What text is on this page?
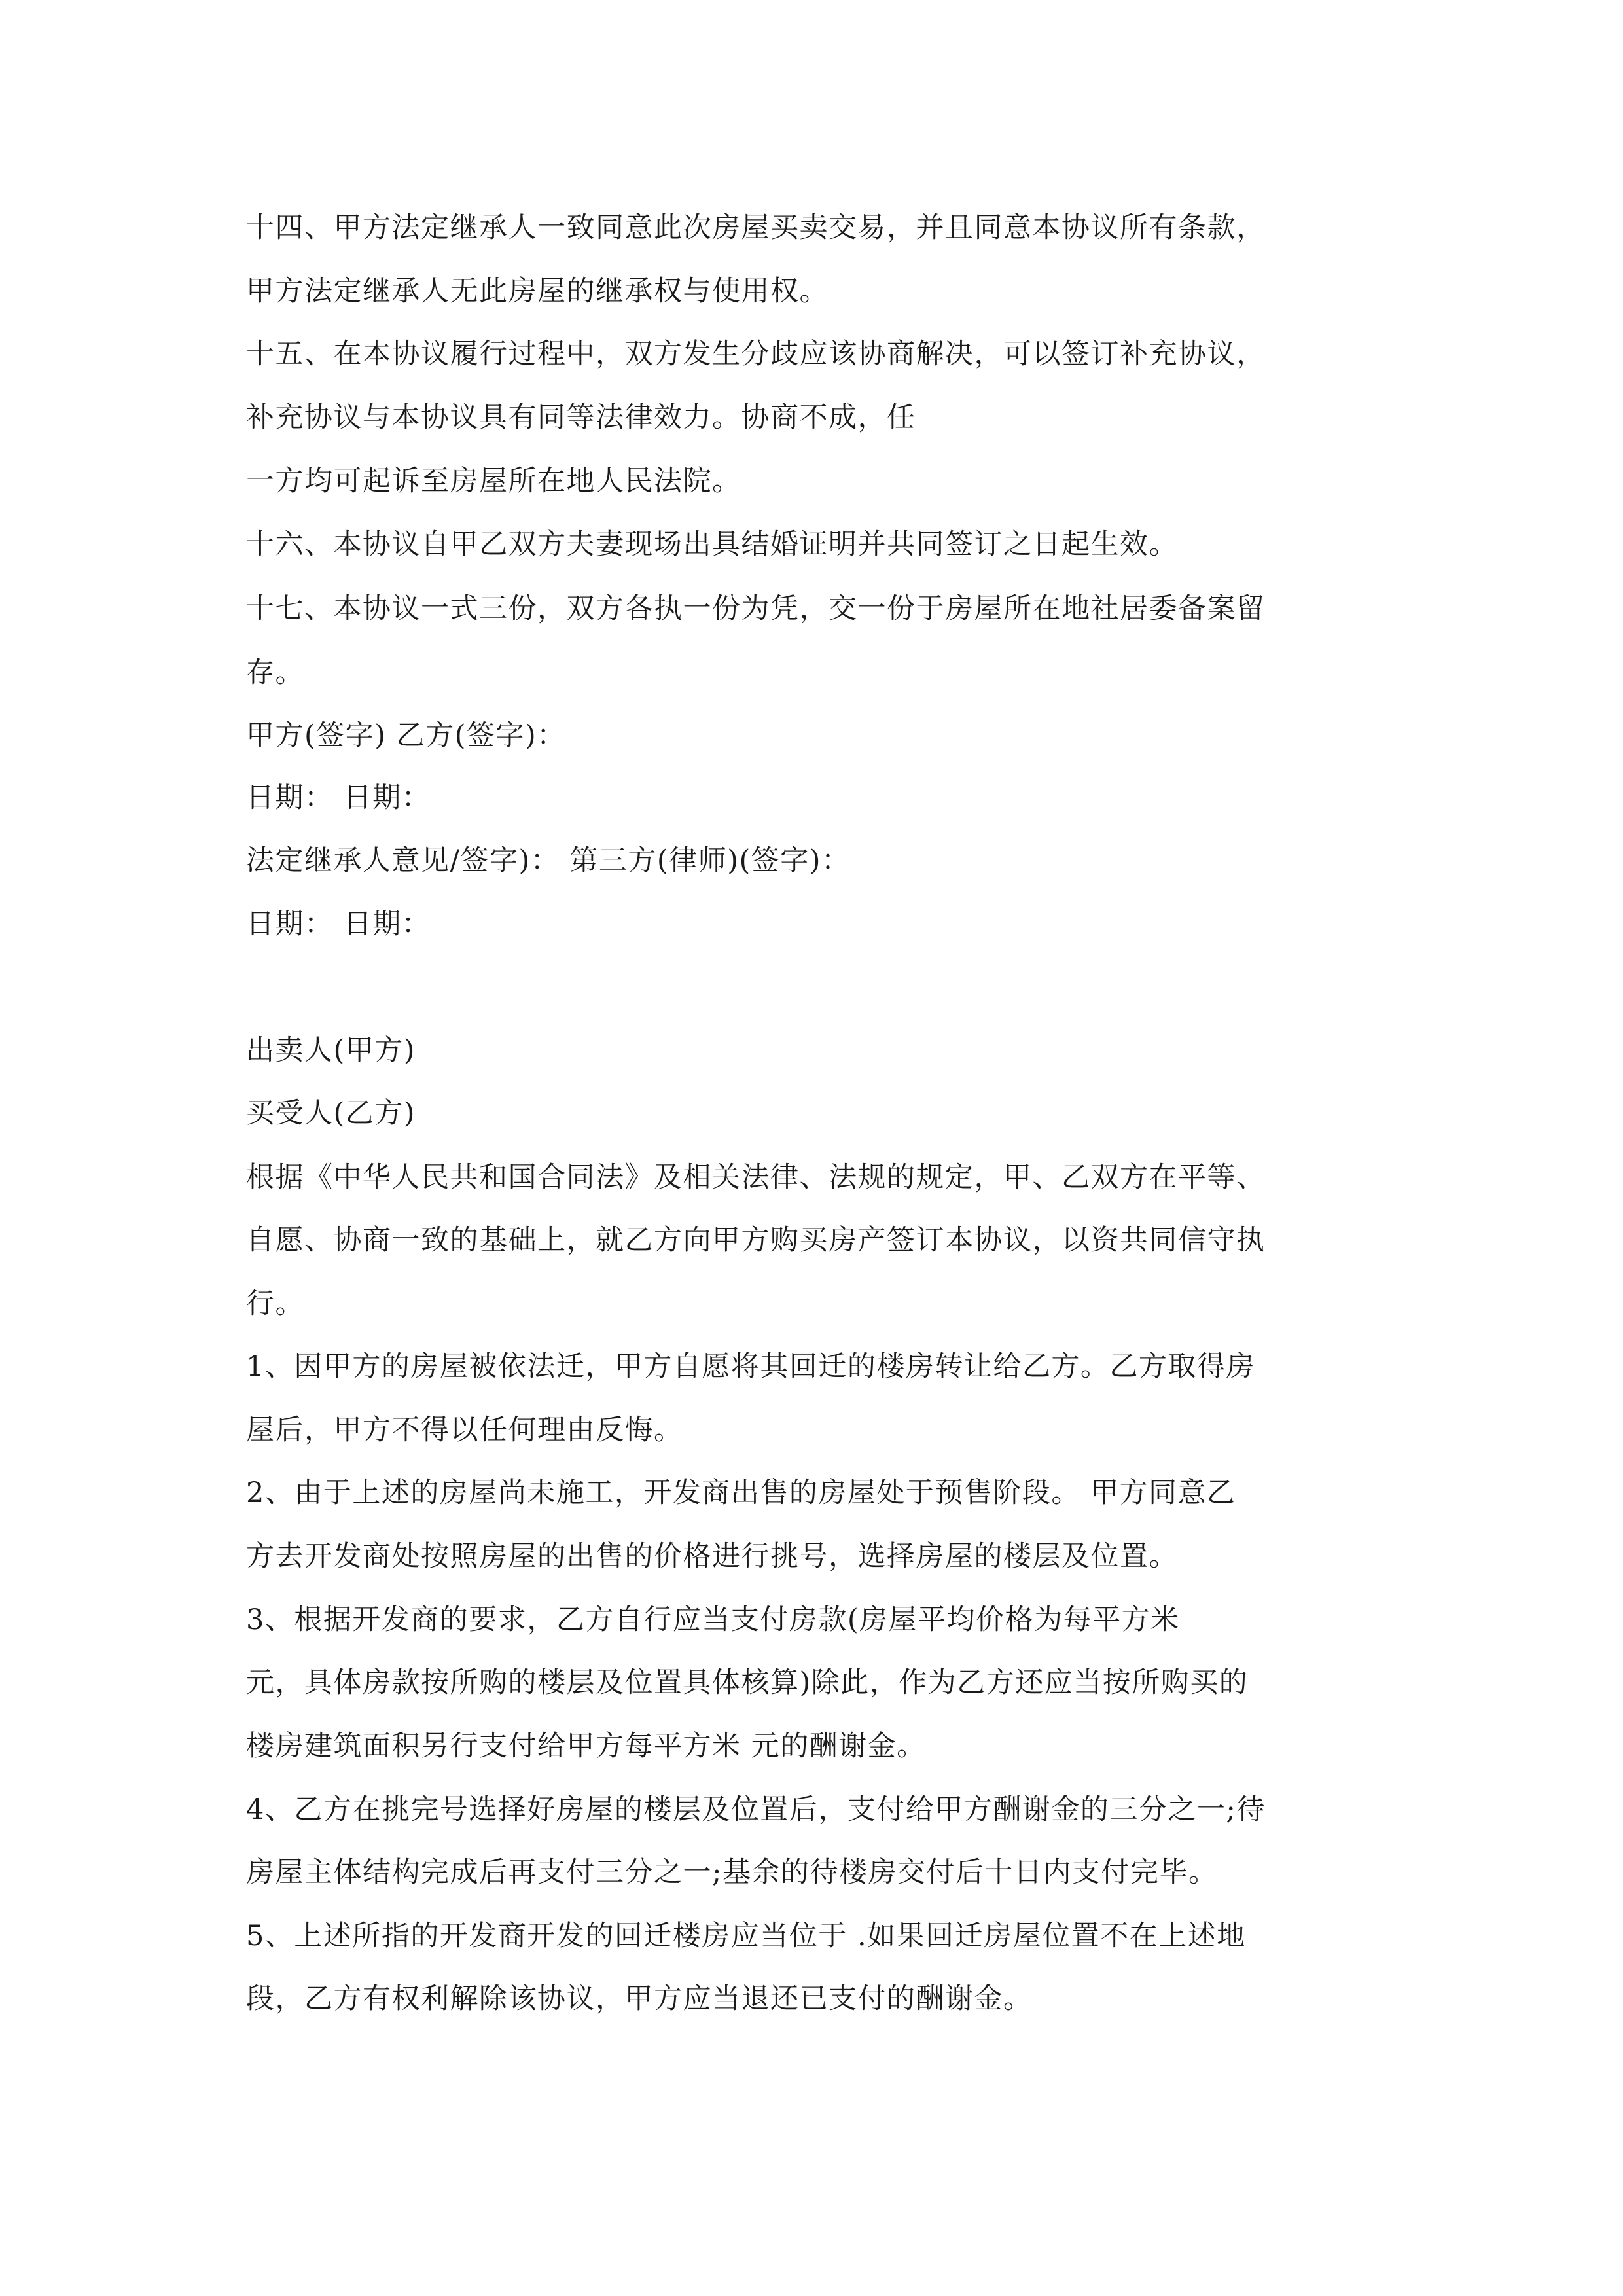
十四、甲方法定继承人一致同意此次房屋买卖交易，并且同意本协议所有条款，

甲方法定继承人无此房屋的继承权与使用权。

十五、在本协议履行过程中，双方发生分歧应该协商解决，可以签订补充协议，

补充协议与本协议具有同等法律效力。协商不成，任

一方均可起诉至房屋所在地人民法院。

十六、本协议自甲乙双方夫妻现场出具结婚证明并共同签订之日起生效。

十七、本协议一式三份，双方各执一份为凭，交一份于房屋所在地社居委备案留

存。

甲方(签字) 乙方(签字)：

日期： 日期：

法定继承人意见/签字)： 第三方(律师)(签字)：

日期： 日期：

出卖人(甲方)

买受人(乙方)

根据《中华人民共和国合同法》及相关法律、法规的规定，甲、乙双方在平等、

自愿、协商一致的基础上，就乙方向甲方购买房产签订本协议，以资共同信守执

行。

1、因甲方的房屋被依法迁，甲方自愿将其回迁的楼房转让给乙方。乙方取得房

屋后，甲方不得以任何理由反悔。

2、由于上述的房屋尚未施工，开发商出售的房屋处于预售阶段。 甲方同意乙

方去开发商处按照房屋的出售的价格进行挑号，选择房屋的楼层及位置。

3、根据开发商的要求，乙方自行应当支付房款(房屋平均价格为每平方米

元，具体房款按所购的楼层及位置具体核算)除此，作为乙方还应当按所购买的

楼房建筑面积另行支付给甲方每平方米 元的酬谢金。

4、乙方在挑完号选择好房屋的楼层及位置后，支付给甲方酬谢金的三分之一;待

房屋主体结构完成后再支付三分之一;基余的待楼房交付后十日内支付完毕。

5、上述所指的开发商开发的回迁楼房应当位于 .如果回迁房屋位置不在上述地

段，乙方有权利解除该协议，甲方应当退还已支付的酬谢金。
